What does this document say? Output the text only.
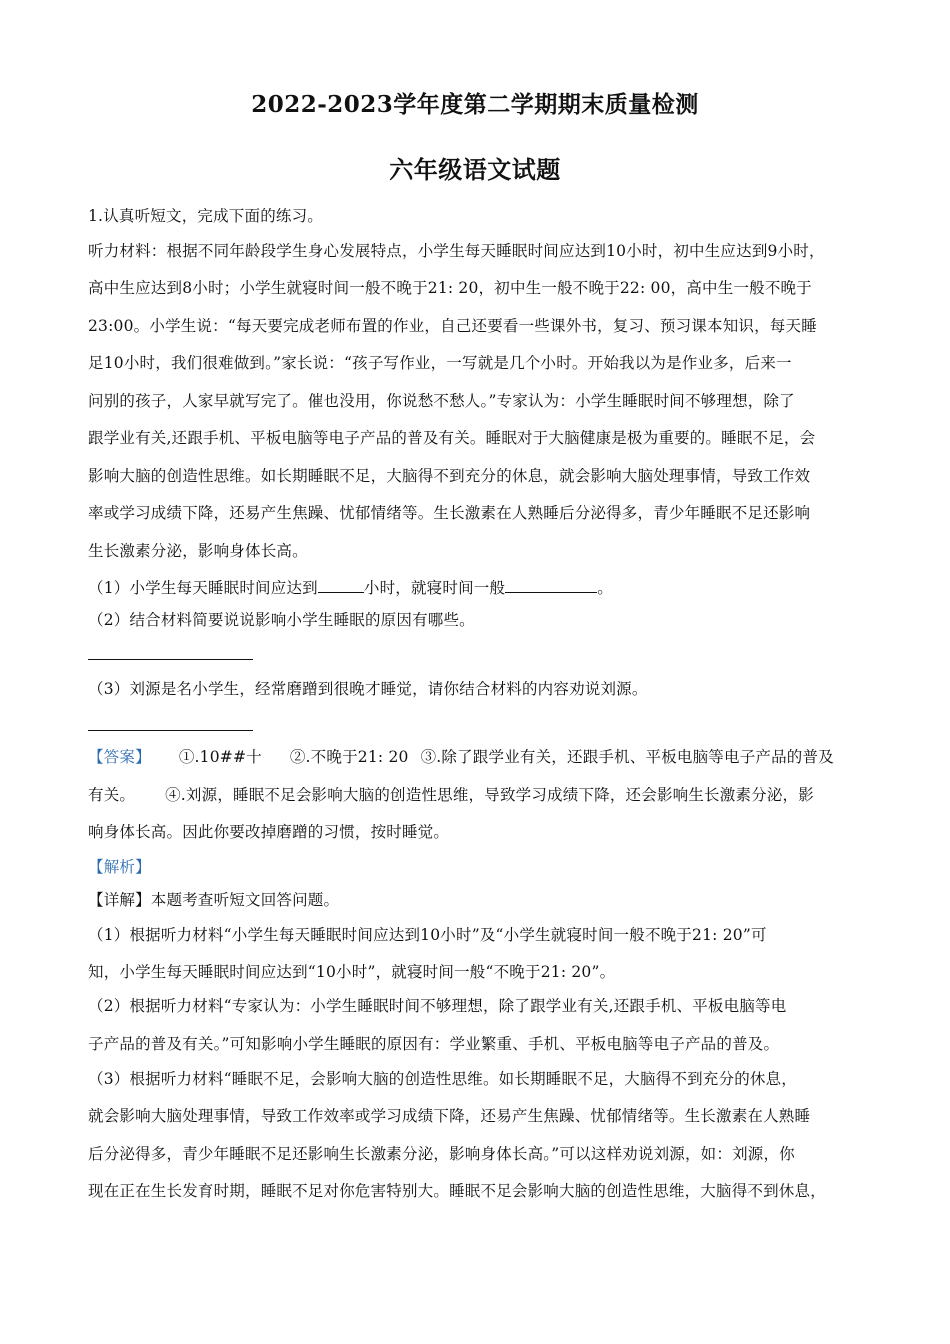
2022-2023学年度第二学期期末质量检测
六年级语文试题
1.认真听短文，完成下面的练习。
听力材料：根据不同年龄段学生身心发展特点，小学生每天睡眠时间应达到10小时，初中生应达到9小时，
高中生应达到8小时；小学生就寝时间一般不晚于21: 20，初中生一般不晚于22: 00，高中生一般不晚于
23:00。小学生说：“每天要完成老师布置的作业，自己还要看一些课外书，复习、预习课本知识，每天睡
足10小时，我们很难做到。”家长说：“孩子写作业，一写就是几个小时。开始我以为是作业多，后来一
问别的孩子，人家早就写完了。催也没用，你说愁不愁人。”专家认为：小学生睡眠时间不够理想，除了
跟学业有关,还跟手机、平板电脑等电子产品的普及有关。睡眠对于大脑健康是极为重要的。睡眠不足，会
影响大脑的创造性思维。如长期睡眠不足，大脑得不到充分的休息，就会影响大脑处理事情，导致工作效
率或学习成绩下降，还易产生焦躁、忧郁情绪等。生长激素在人熟睡后分泌得多，青少年睡眠不足还影响
生长激素分泌，影响身体长高。
（1）小学生每天睡眠时间应达到	小时，就寝时间一般	。
（2）结合材料简要说说影响小学生睡眠的原因有哪些。
（3）刘源是名小学生，经常磨蹭到很晚才睡觉，请你结合材料的内容劝说刘源。
【答案】 ①.10##十 ②.不晚于21: 20 ③.除了跟学业有关，还跟手机、平板电脑等电子产品的普及
有关。 ④.刘源，睡眠不足会影响大脑的创造性思维，导致学习成绩下降，还会影响生长激素分泌，影
响身体长高。因此你要改掉磨蹭的习惯，按时睡觉。
【解析】
【详解】本题考查听短文回答问题。
（1）根据听力材料“小学生每天睡眠时间应达到10小时”及“小学生就寝时间一般不晚于21: 20”可
知，小学生每天睡眠时间应达到“10小时”，就寝时间一般“不晚于21: 20”。
（2）根据听力材料“专家认为：小学生睡眠时间不够理想，除了跟学业有关,还跟手机、平板电脑等电
子产品的普及有关。”可知影响小学生睡眠的原因有：学业繁重、手机、平板电脑等电子产品的普及。
（3）根据听力材料“睡眠不足，会影响大脑的创造性思维。如长期睡眠不足，大脑得不到充分的休息，
就会影响大脑处理事情，导致工作效率或学习成绩下降，还易产生焦躁、忧郁情绪等。生长激素在人熟睡
后分泌得多，青少年睡眠不足还影响生长激素分泌，影响身体长高。”可以这样劝说刘源，如：刘源，你
现在正在生长发育时期，睡眠不足对你危害特别大。睡眠不足会影响大脑的创造性思维，大脑得不到休息，
